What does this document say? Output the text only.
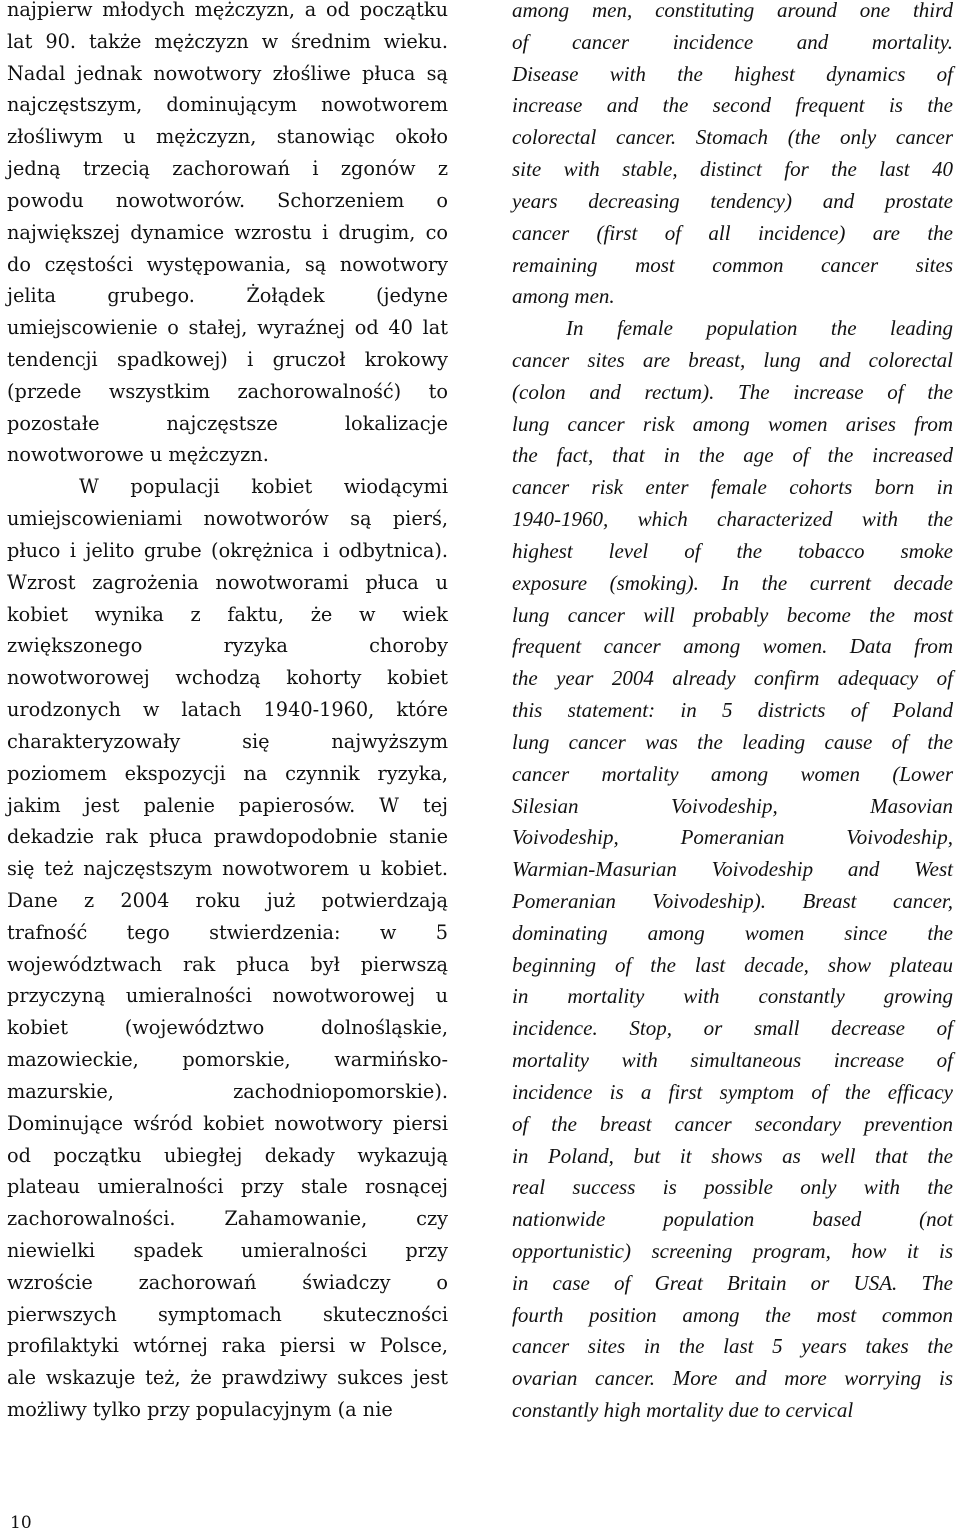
najpierw młodych mężczyzn, a od początku
lat 90. także mężczyzn w średnim wieku.
Nadal jednak nowotwory złośliwe płuca są
najczęstszym, dominującym nowotworem
złośliwym u mężczyzn, stanowiąc około
jedną trzecią zachorowań i zgonów z
powodu nowotworów. Schorzeniem o
największej dynamice wzrostu i drugim, co
do częstości występowania, są nowotwory
jelita grubego. Żołądek (jedyne
umiejscowienie o stałej, wyraźnej od 40 lat
tendencji spadkowej) i gruczoł krokowy
(przede wszystkim zachorowalność) to
pozostałe najczęstsze lokalizacje
nowotworowe u mężczyzn.
W populacji kobiet wiodącymi
umiejscowieniami nowotworów są pierś,
płuco i jelito grube (okrężnica i odbytnica).
Wzrost zagrożenia nowotworami płuca u
kobiet wynika z faktu, że w wiek
zwiększonego ryzyka choroby
nowotworowej wchodzą kohorty kobiet
urodzonych w latach 1940-1960, które
charakteryzowały się najwyższym
poziomem ekspozycji na czynnik ryzyka,
jakim jest palenie papierosów. W tej
dekadzie rak płuca prawdopodobnie stanie
się też najczęstszym nowotworem u kobiet.
Dane z 2004 roku już potwierdzają
trafność tego stwierdzenia: w 5
województwach rak płuca był pierwszą
przyczyną umieralności nowotworowej u
kobiet (województwo dolnośląskie,
mazowieckie, pomorskie, warmińsko-
mazurskie, zachodniopomorskie).
Dominujące wśród kobiet nowotwory piersi
od początku ubiegłej dekady wykazują
plateau umieralności przy stale rosnącej
zachorowalności. Zahamowanie, czy
niewielki spadek umieralności przy
wzroście zachorowań świadczy o
pierwszych symptomach skuteczności
profilaktyki wtórnej raka piersi w Polsce,
ale wskazuje też, że prawdziwy sukces jest
możliwy tylko przy populacyjnym (a nie
among men, constituting around one third
of cancer incidence and mortality.
Disease with the highest dynamics of
increase and the second frequent is the
colorectal cancer. Stomach (the only cancer
site with stable, distinct for the last 40
years decreasing tendency) and prostate
cancer (first of all incidence) are the
remaining most common cancer sites
among men.
In female population the leading
cancer sites are breast, lung and colorectal
(colon and rectum). The increase of the
lung cancer risk among women arises from
the fact, that in the age of the increased
cancer risk enter female cohorts born in
1940-1960, which characterized with the
highest level of the tobacco smoke
exposure (smoking). In the current decade
lung cancer will probably become the most
frequent cancer among women. Data from
the year 2004 already confirm adequacy of
this statement: in 5 districts of Poland
lung cancer was the leading cause of the
cancer mortality among women (Lower
Silesian Voivodeship, Masovian
Voivodeship, Pomeranian Voivodeship,
Warmian-Masurian Voivodeship and West
Pomeranian Voivodeship). Breast cancer,
dominating among women since the
beginning of the last decade, show plateau
in mortality with constantly growing
incidence. Stop, or small decrease of
mortality with simultaneous increase of
incidence is a first symptom of the efficacy
of the breast cancer secondary prevention
in Poland, but it shows as well that the
real success is possible only with the
nationwide population based (not
opportunistic) screening program, how it is
in case of Great Britain or USA. The
fourth position among the most common
cancer sites in the last 5 years takes the
ovarian cancer. More and more worrying is
constantly high mortality due to cervical
10
